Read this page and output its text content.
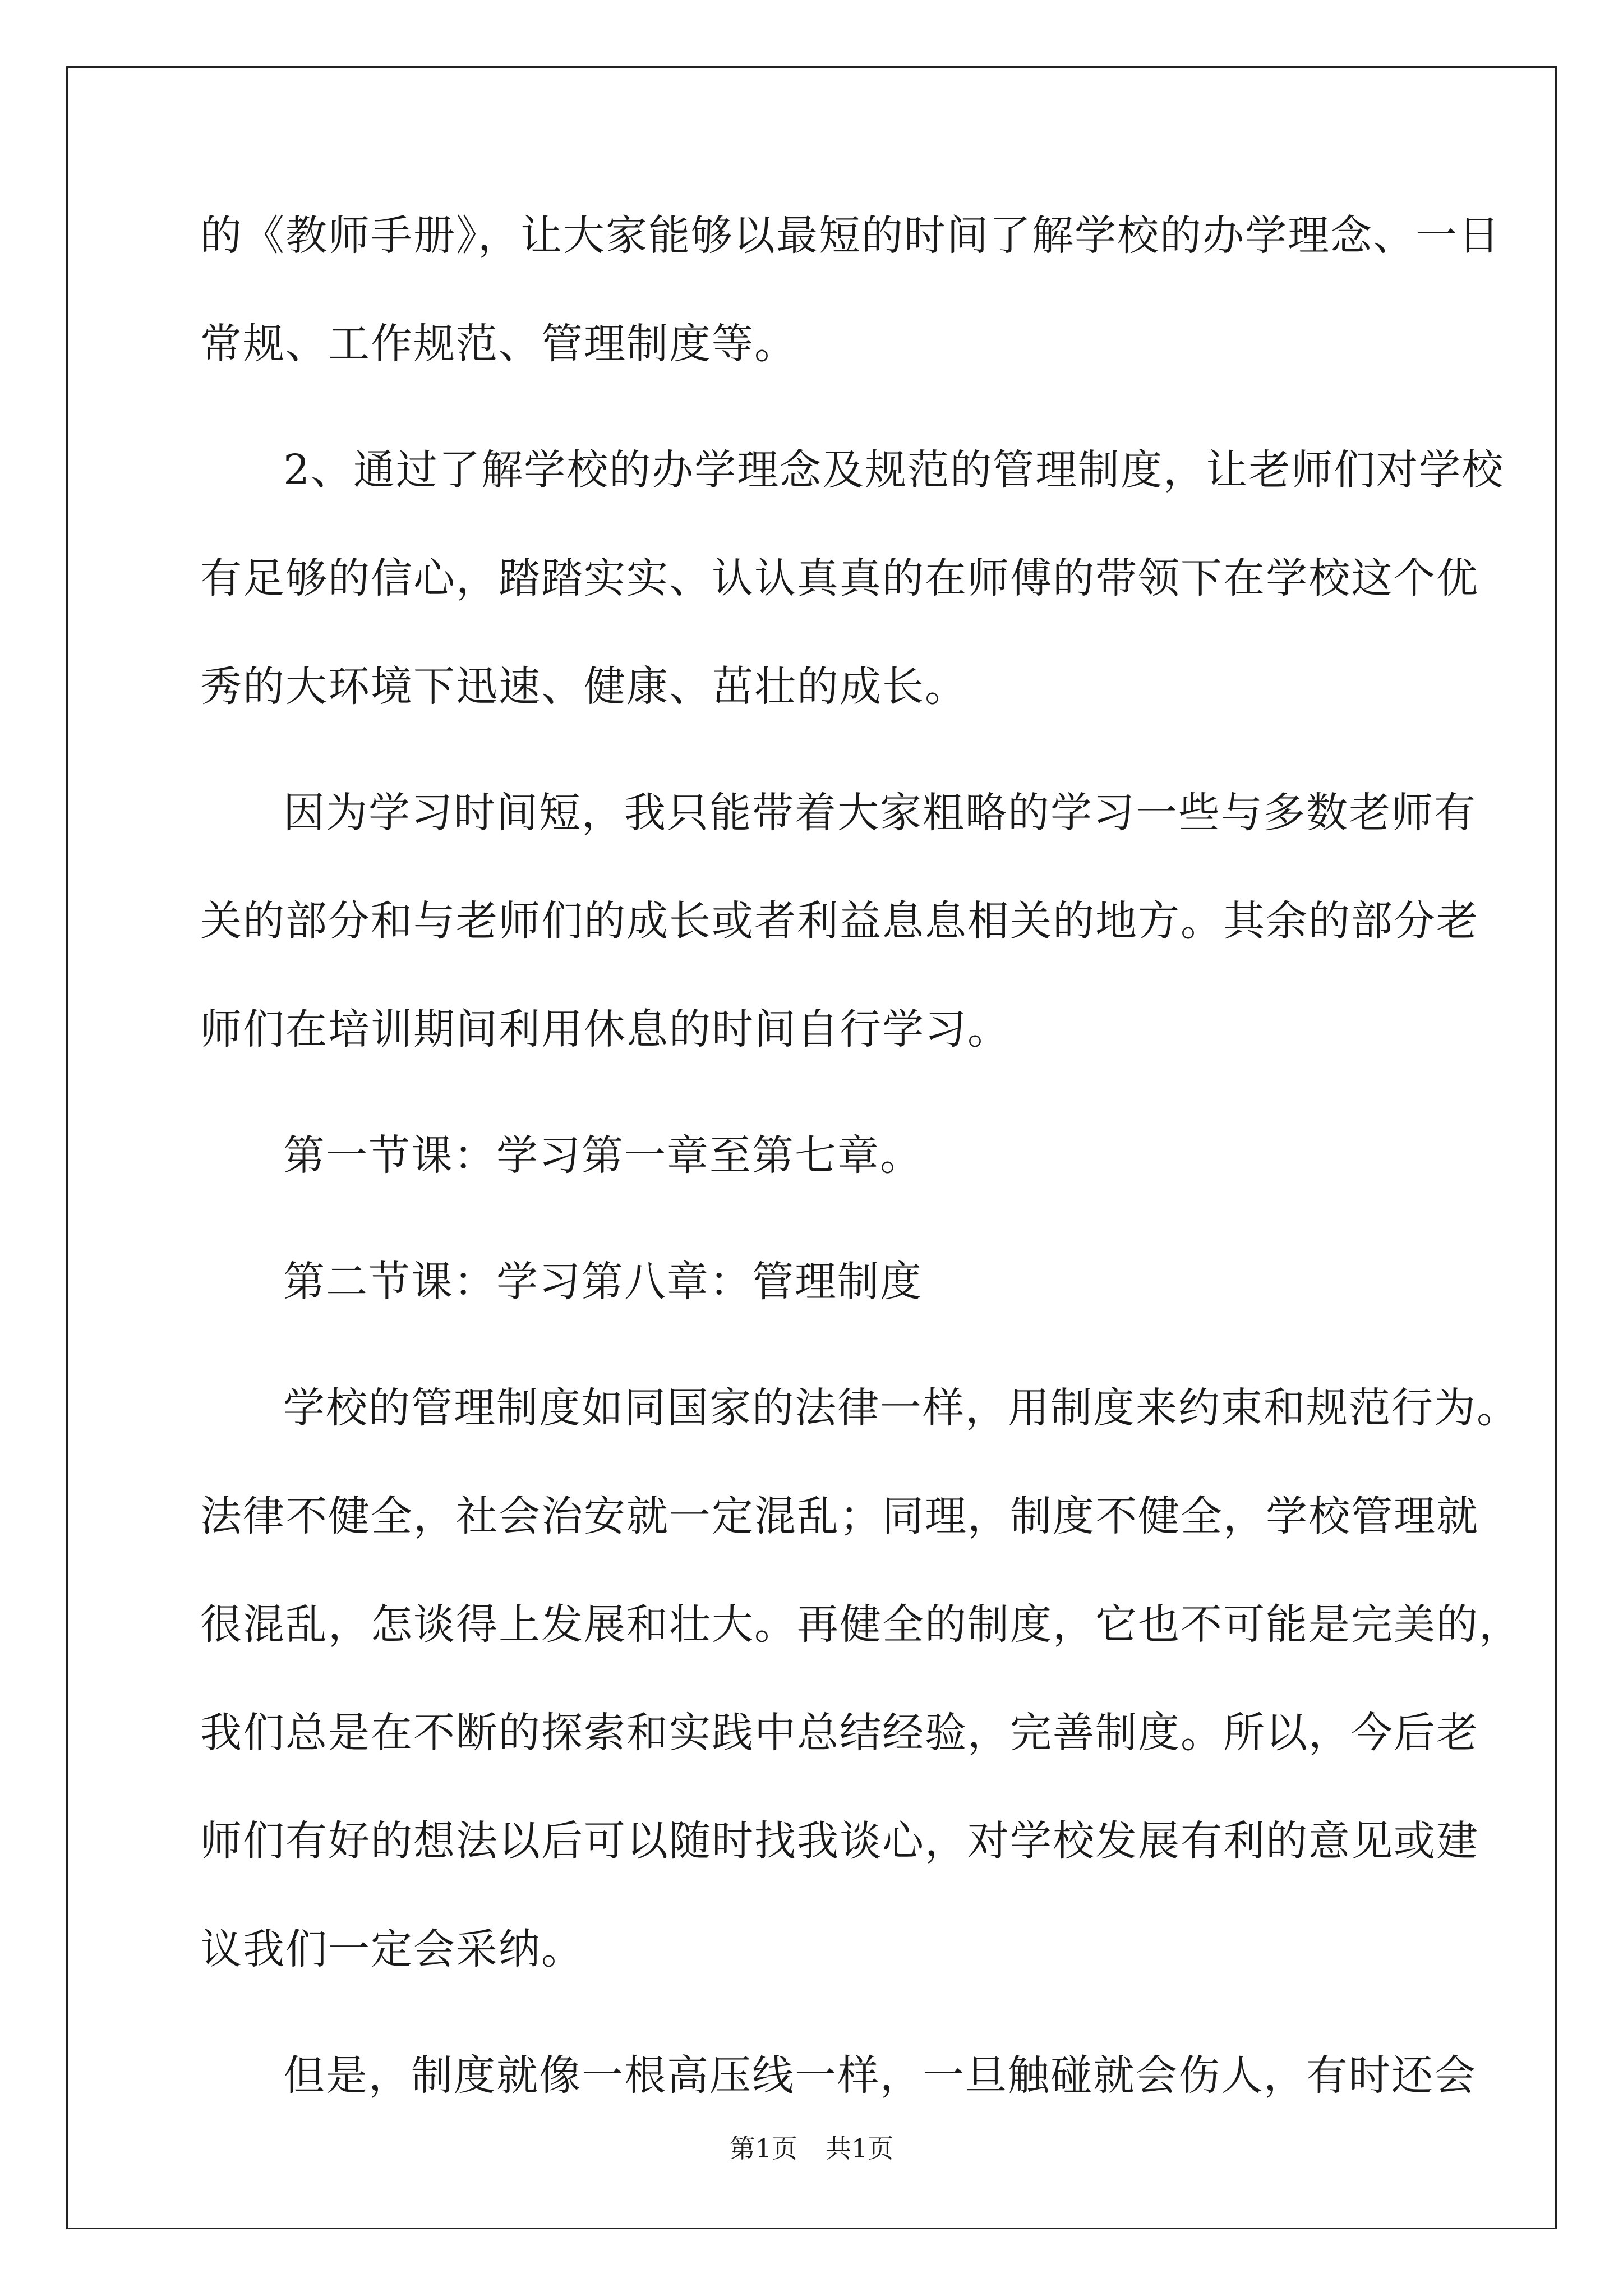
的《教师手册》，让大家能够以最短的时间了解学校的办学理念、一日
常规、工作规范、管理制度等。
2、通过了解学校的办学理念及规范的管理制度，让老师们对学校
有足够的信心，踏踏实实、认认真真的在师傅的带领下在学校这个优
秀的大环境下迅速、健康、茁壮的成长。
因为学习时间短，我只能带着大家粗略的学习一些与多数老师有
关的部分和与老师们的成长或者利益息息相关的地方。其余的部分老
师们在培训期间利用休息的时间自行学习。
第一节课：学习第一章至第七章。
第二节课：学习第八章：管理制度
学校的管理制度如同国家的法律一样，用制度来约束和规范行为。
法律不健全，社会治安就一定混乱；同理，制度不健全，学校管理就
很混乱，怎谈得上发展和壮大。再健全的制度，它也不可能是完美的，
我们总是在不断的探索和实践中总结经验，完善制度。所以，今后老
师们有好的想法以后可以随时找我谈心，对学校发展有利的意见或建
议我们一定会采纳。
但是，制度就像一根高压线一样，一旦触碰就会伤人，有时还会
第1页 共1页
